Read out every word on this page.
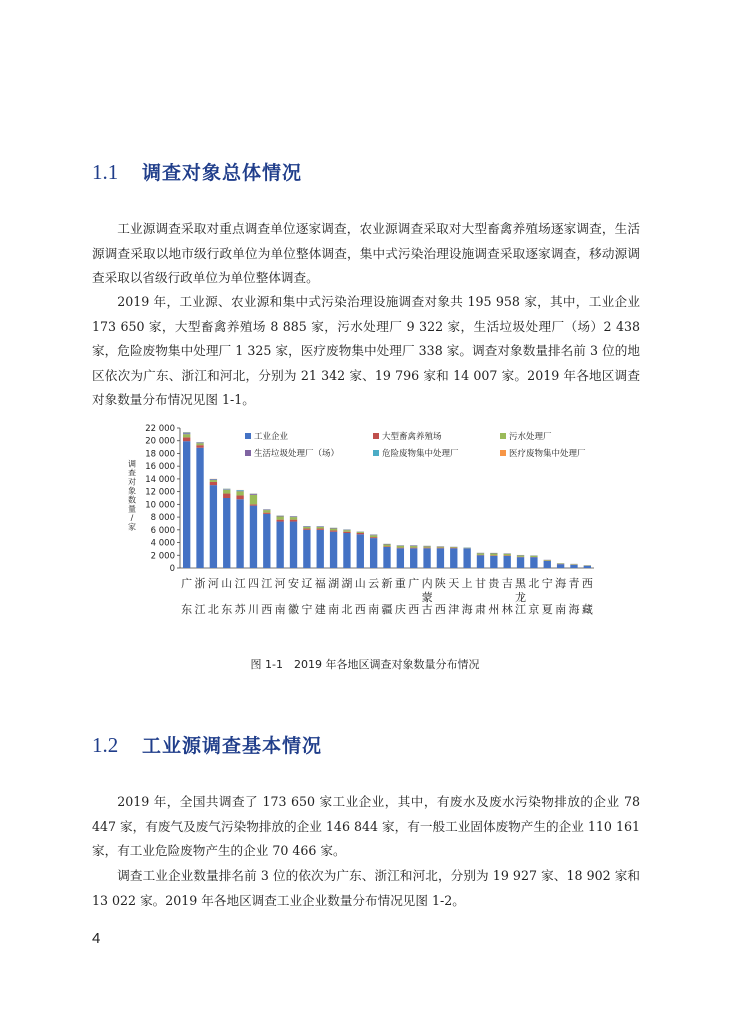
1.1	调查对象总体情况

工业源调查采取对重点调查单位逐家调查，农业源调查采取对大型畜禽养殖场逐家调查，生活源调查采取以地市级行政单位为单位整体调查，集中式污染治理设施调查采取逐家调查，移动源调查采取以省级行政单位为单位整体调查。

2019 年，工业源、农业源和集中式污染治理设施调查对象共 195 958 家，其中，工业企业 173 650 家，大型畜禽养殖场 8 885 家，污水处理厂 9 322 家，生活垃圾处理厂（场）2 438 家，危险废物集中处理厂 1 325 家，医疗废物集中处理厂 338 家。调查对象数量排名前 3 位的地区依次为广东、浙江和河北，分别为 21 342 家、19 796 家和 14 007 家。2019 年各地区调查对象数量分布情况见图 1-1。

调
查
对
象
数
量
/
家
0
2 000
4 000
6 000
8 000
10 000
12 000
14 000
16 000
18 000
20 000
22 000
广
东
浙
江
河
北
山
东
江
苏
四
川
江
西
河
南
安
徽
辽
宁
福
建
湖
南
湖
北
山
西
云
南
新
疆
重
庆
广
西
内
蒙
古
陕
西
天
津
上
海
甘
肃
贵
州
吉
林
黑
龙
江
北
京
宁
夏
海
南
青
海
西
藏
工业企业	大型畜禽养殖场	污水处理厂
生活垃圾处理厂（场）	危险废物集中处理厂	医疗废物集中处理厂
图 1-1　2019 年各地区调查对象数量分布情况
1.2	工业源调查基本情况

2019 年，全国共调查了 173 650 家工业企业，其中，有废水及废水污染物排放的企业 78 447 家，有废气及废气污染物排放的企业 146 844 家，有一般工业固体废物产生的企业 110 161 家，有工业危险废物产生的企业 70 466 家。

调查工业企业数量排名前 3 位的依次为广东、浙江和河北，分别为 19 927 家、18 902 家和 13 022 家。2019 年各地区调查工业企业数量分布情况见图 1-2。

4
